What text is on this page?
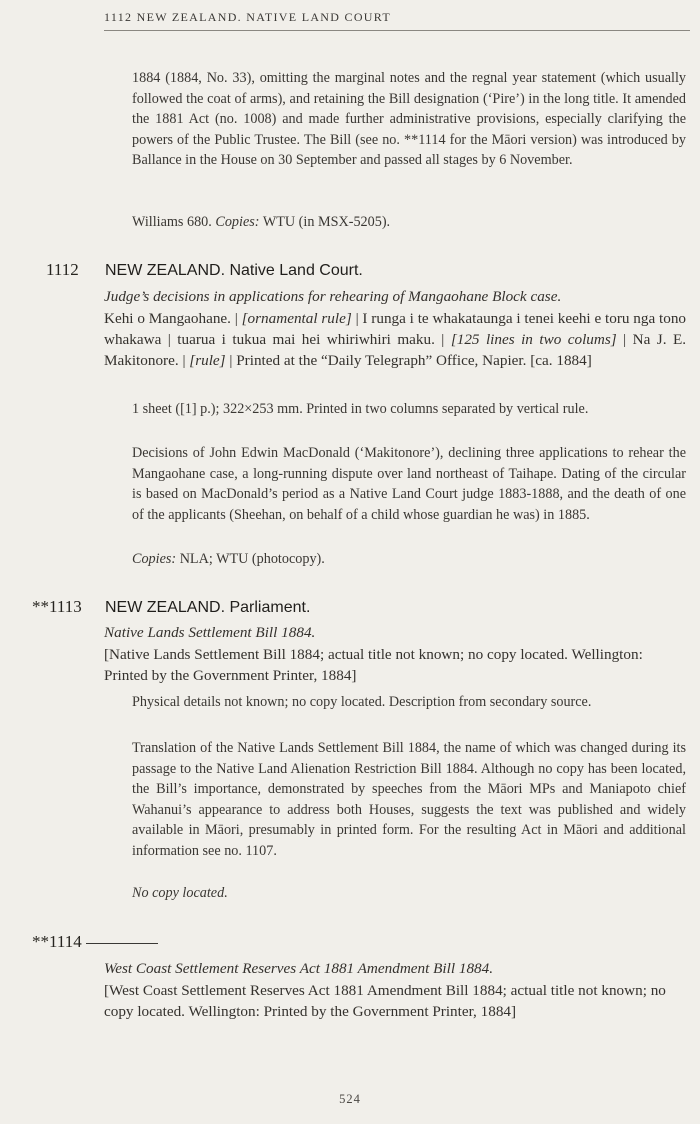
1112 NEW ZEALAND. NATIVE LAND COURT
1884 (1884, No. 33), omitting the marginal notes and the regnal year statement (which usually followed the coat of arms), and retaining the Bill designation (‘Pire’) in the long title. It amended the 1881 Act (no. 1008) and made further administrative provisions, especially clarifying the powers of the Public Trustee. The Bill (see no. **1114 for the Māori version) was introduced by Ballance in the House on 30 September and passed all stages by 6 November.
Williams 680. Copies: WTU (in MSX-5205).
1112 NEW ZEALAND. Native Land Court.
Judge’s decisions in applications for rehearing of Mangaohane Block case.
Kehi o Mangaohane. | [ornamental rule] | I runga i te whakataunga i tenei keehi e toru nga tono whakawa | tuarua i tukua mai hei whiriwhiri maku. | [125 lines in two colums] | Na J. E. Makitonore. | [rule] | Printed at the “Daily Telegraph” Office, Napier. [ca. 1884]
1 sheet ([1] p.); 322×253 mm. Printed in two columns separated by vertical rule.
Decisions of John Edwin MacDonald (‘Makitonore’), declining three applications to rehear the Mangaohane case, a long-running dispute over land northeast of Taihape. Dating of the circular is based on MacDonald’s period as a Native Land Court judge 1883-1888, and the death of one of the applicants (Sheehan, on behalf of a child whose guardian he was) in 1885.
Copies: NLA; WTU (photocopy).
**1113 NEW ZEALAND. Parliament.
Native Lands Settlement Bill 1884.
[Native Lands Settlement Bill 1884; actual title not known; no copy located. Wellington: Printed by the Government Printer, 1884]
Physical details not known; no copy located. Description from secondary source.
Translation of the Native Lands Settlement Bill 1884, the name of which was changed during its passage to the Native Land Alienation Restriction Bill 1884. Although no copy has been located, the Bill’s importance, demonstrated by speeches from the Māori MPs and Maniapoto chief Wahanui’s appearance to address both Houses, suggests the text was published and widely available in Māori, presumably in printed form. For the resulting Act in Māori and additional information see no. 1107.
No copy located.
**1114
West Coast Settlement Reserves Act 1881 Amendment Bill 1884.
[West Coast Settlement Reserves Act 1881 Amendment Bill 1884; actual title not known; no copy located. Wellington: Printed by the Government Printer, 1884]
524
